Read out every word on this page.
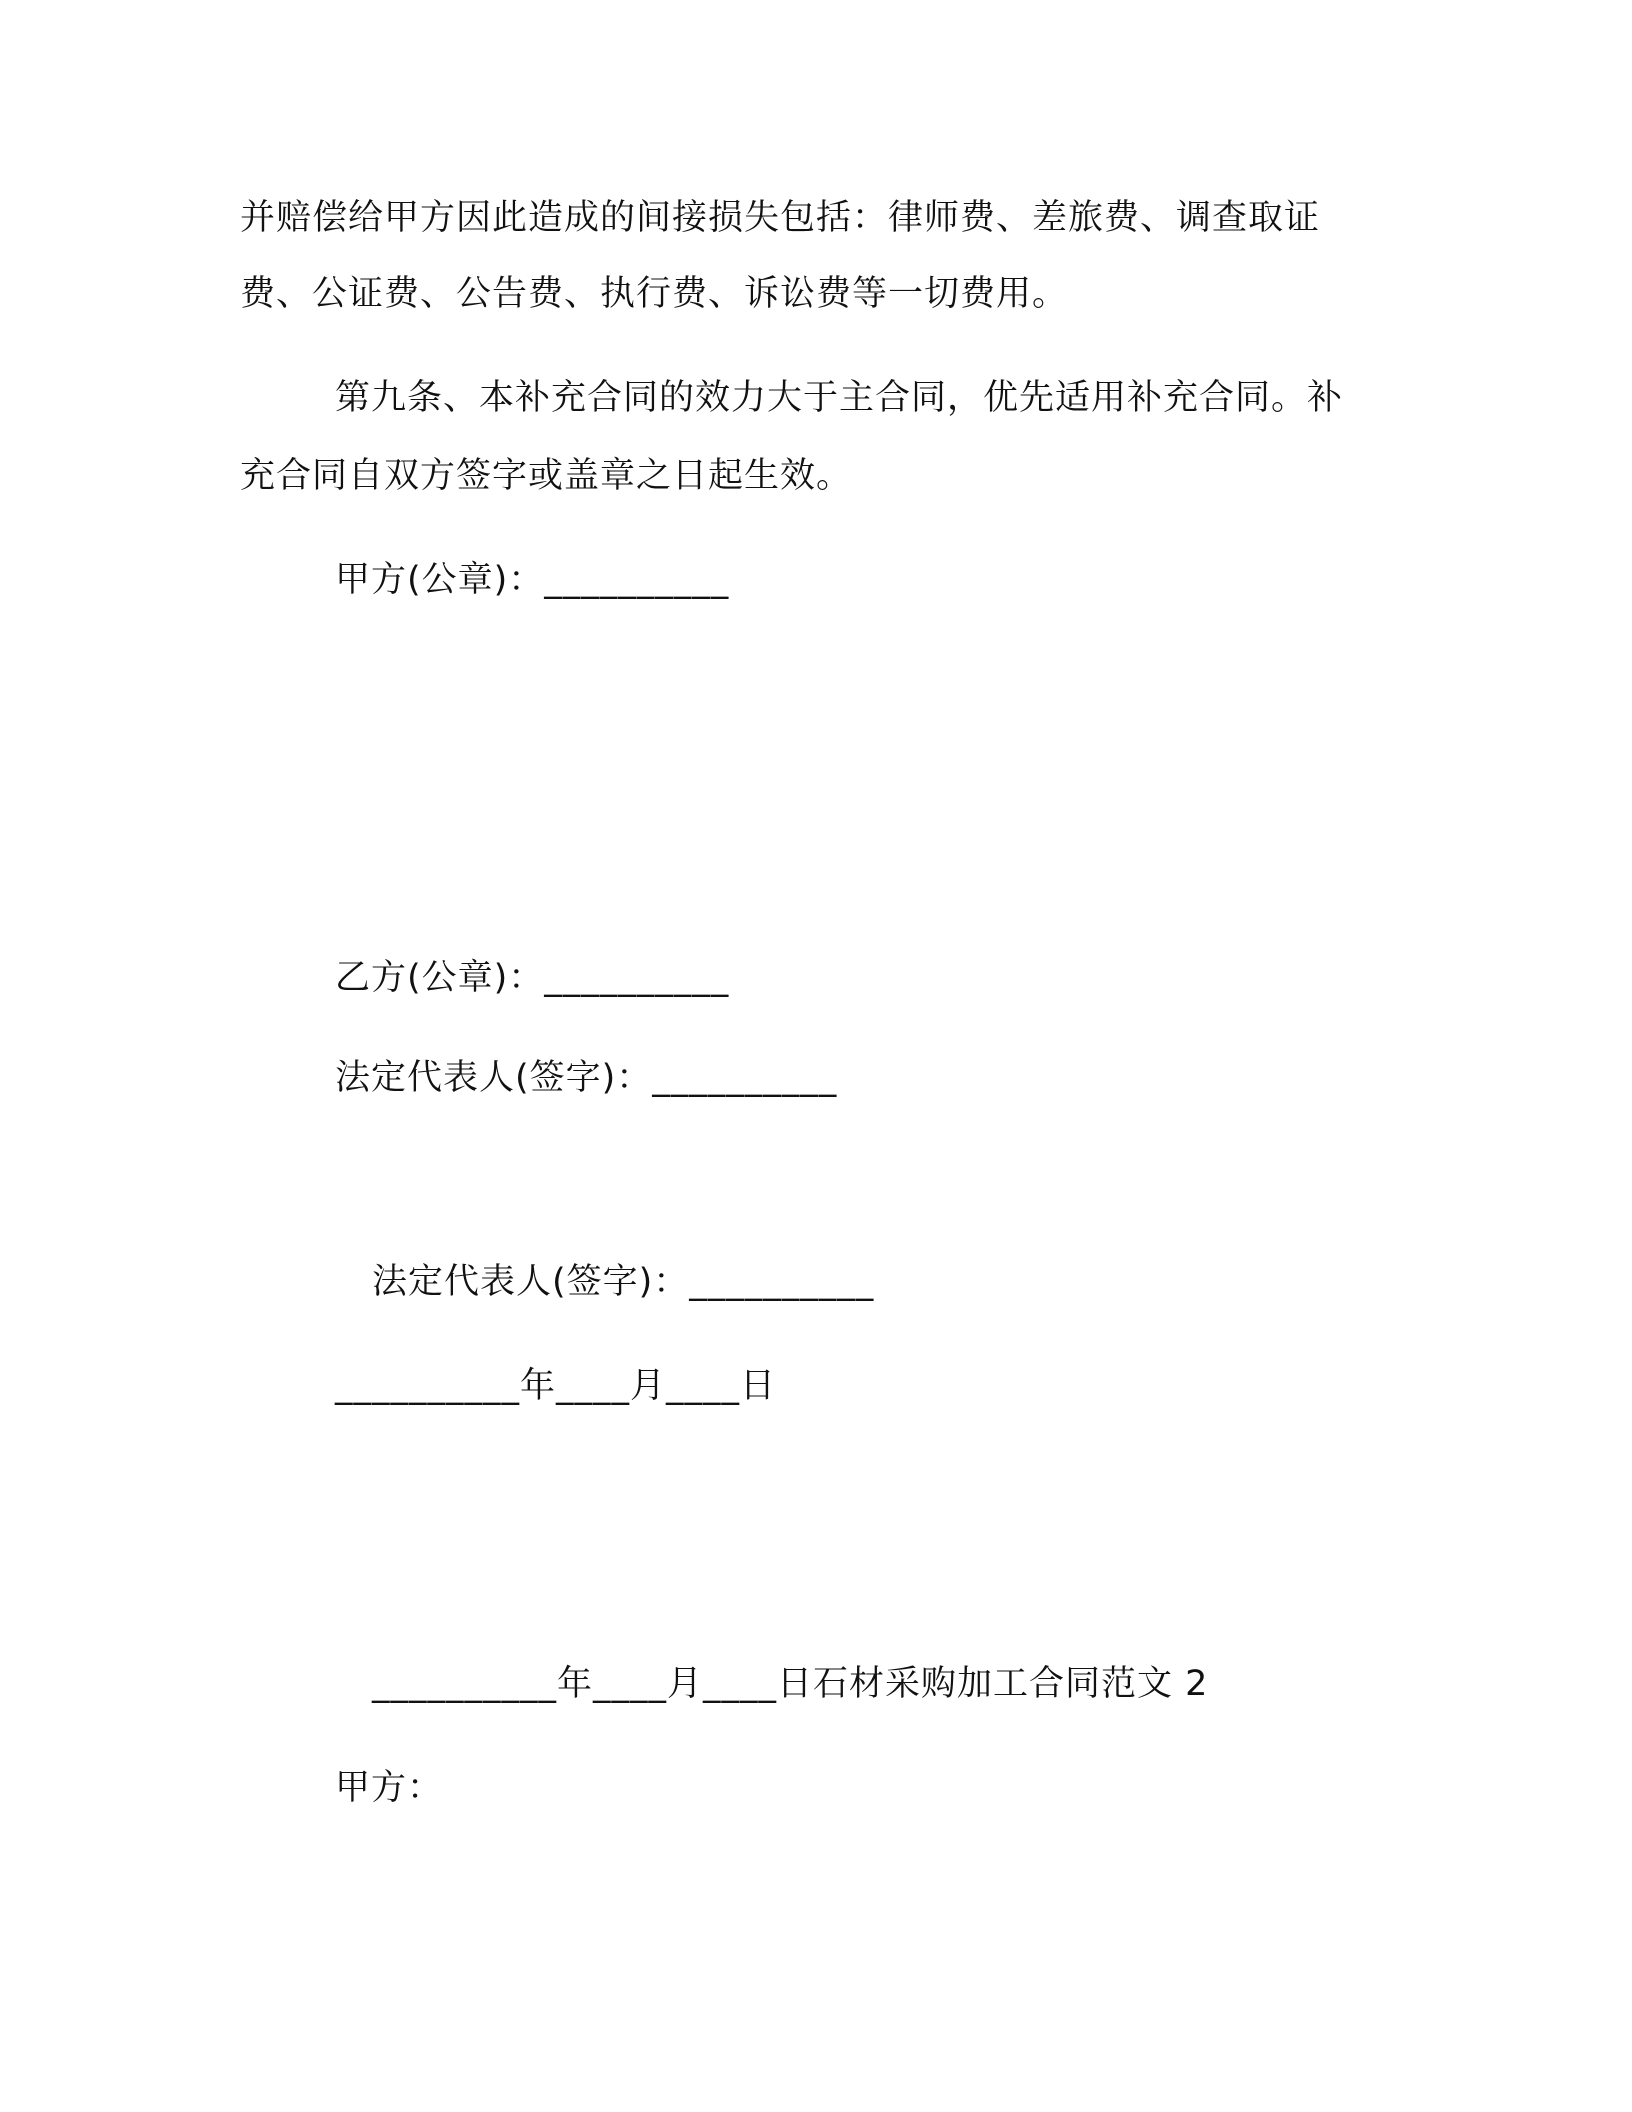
并赔偿给甲方因此造成的间接损失包括：律师费、差旅费、调查取证
费、公证费、公告费、执行费、诉讼费等一切费用。
第九条、本补充合同的效力大于主合同，优先适用补充合同。补
充合同自双方签字或盖章之日起生效。
甲方(公章)：__________
乙方(公章)：__________
法定代表人(签字)：__________
法定代表人(签字)：__________
__________年____月____日
__________年____月____日石材采购加工合同范文 2
甲方：
